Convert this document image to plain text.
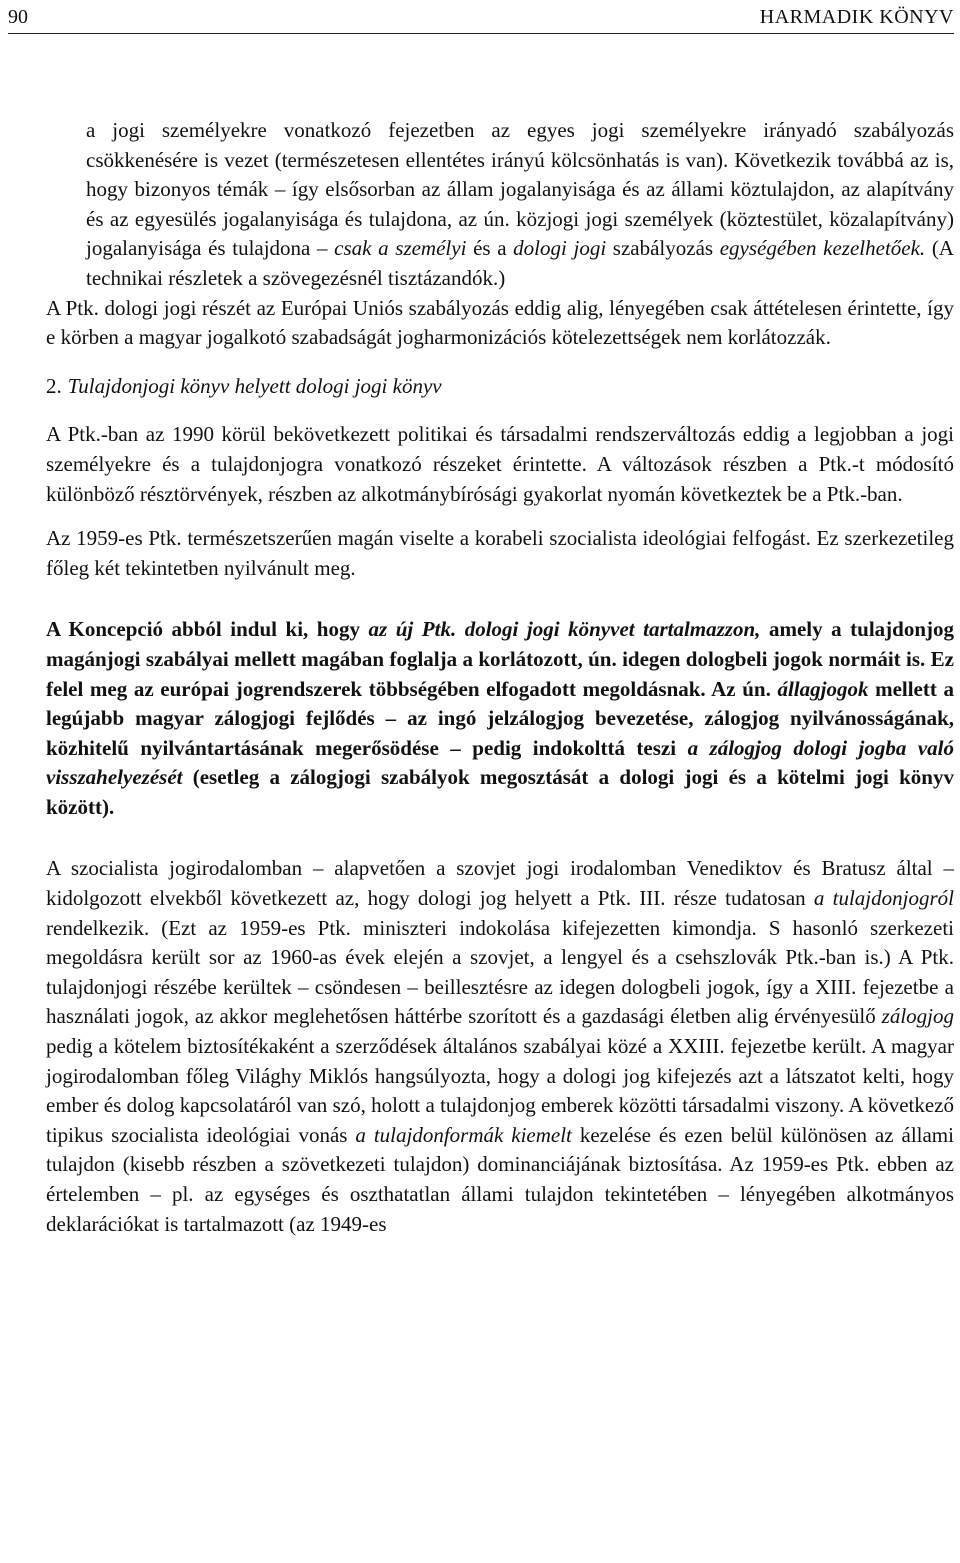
90	HARMADIK KÖNYV

a jogi személyekre vonatkozó fejezetben az egyes jogi személyekre irányadó szabályozás csökkenésére is vezet (természetesen ellentétes irányú kölcsönhatás is van). Következik továbbá az is, hogy bizonyos témák – így elsősorban az állam jogalanyisága és az állami köztulajdon, az alapítvány és az egyesülés jogalanyisága és tulajdona, az ún. közjogi jogi személyek (köztestület, közalapítvány) jogalanyisága és tulajdona – csak a személyi és a dologi jogi szabályozás egységében kezelhetőek. (A technikai részletek a szövegezésnél tisztázandók.)

A Ptk. dologi jogi részét az Európai Uniós szabályozás eddig alig, lényegében csak áttételesen érintette, így e körben a magyar jogalkotó szabadságát jogharmonizációs kötelezettségek nem korlátozzák.

2. Tulajdonjogi könyv helyett dologi jogi könyv

A Ptk.-ban az 1990 körül bekövetkezett politikai és társadalmi rendszerváltozás eddig a legjobban a jogi személyekre és a tulajdonjogra vonatkozó részeket érintette. A változások részben a Ptk.-t módosító különböző résztörvények, részben az alkotmánybírósági gyakorlat nyomán következtek be a Ptk.-ban.

Az 1959-es Ptk. természetszerűen magán viselte a korabeli szocialista ideológiai felfogást. Ez szerkezetileg főleg két tekintetben nyilvánult meg.

A Koncepció abból indul ki, hogy az új Ptk. dologi jogi könyvet tartalmazzon, amely a tulajdonjog magánjogi szabályai mellett magában foglalja a korlátozott, ún. idegen dologbeli jogok normáit is. Ez felel meg az európai jogrendszerek többségében elfogadott megoldásnak. Az ún. állagjogok mellett a legújabb magyar zálogjogi fejlődés – az ingó jelzálogjog bevezetése, zálogjog nyilvánosságának, közhitelű nyilvántartásának megerősödése – pedig indokolttá teszi a zálogjog dologi jogba való visszahelyezését (esetleg a zálogjogi szabályok megosztását a dologi jogi és a kötelmi jogi könyv között).

A szocialista jogirodalomban – alapvetően a szovjet jogi irodalomban Venediktov és Bratusz által – kidolgozott elvekből következett az, hogy dologi jog helyett a Ptk. III. része tudatosan a tulajdonjogról rendelkezik. (Ezt az 1959-es Ptk. miniszteri indokolása kifejezetten kimondja. S hasonló szerkezeti megoldásra került sor az 1960-as évek elején a szovjet, a lengyel és a csehszlovák Ptk.-ban is.) A Ptk. tulajdonjogi részébe kerültek – csöndesen – beillesztésre az idegen dologbeli jogok, így a XIII. fejezetbe a használati jogok, az akkor meglehetősen háttérbe szorított és a gazdasági életben alig érvényesülő zálogjog pedig a kötelem biztosítékaként a szerződések általános szabályai közé a XXIII. fejezetbe került. A magyar jogirodalomban főleg Világhy Miklós hangsúlyozta, hogy a dologi jog kifejezés azt a látszatot kelti, hogy ember és dolog kapcsolatáról van szó, holott a tulajdonjog emberek közötti társadalmi viszony. A következő tipikus szocialista ideológiai vonás a tulajdonformák kiemelt kezelése és ezen belül különösen az állami tulajdon (kisebb részben a szövetkezeti tulajdon) dominanciájának biztosítása. Az 1959-es Ptk. ebben az értelemben – pl. az egységes és oszthatatlan állami tulajdon tekintetében – lényegében alkotmányos deklarációkat is tartalmazott (az 1949-es
